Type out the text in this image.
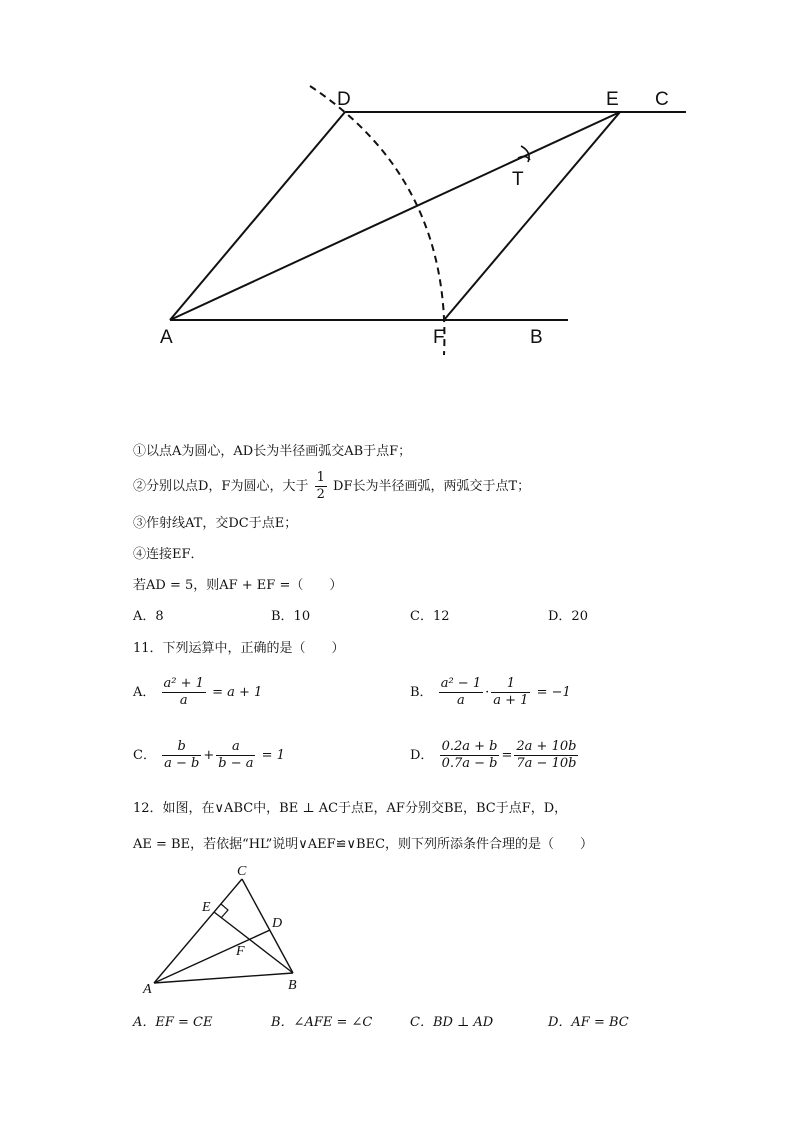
D	E C
T
A	F	B
①以点A为圆心，AD长为半径画弧交AB于点F；
②分别以点D，F为圆心，大于 $\frac{1}{2}$ DF长为半径画弧，两弧交于点T；
③作射线AT，交DC于点E；
④连接EF．
若AD = 5，则AF + EF =（　　）
A．8	B．10	C．12	D．20
11．下列运算中，正确的是（　　）
A． $\frac{\text{a² + 1}}{a} = a + 1$	B． $\frac{\text{a² − 1}}{a} \cdot \frac{1}{a + 1} = -1$
C． $\frac{b}{a - b} + \frac{a}{b - a} = 1$	D． $\frac{0.2a + b}{0.7a - b} = \frac{2a + 10b}{7a - 10b}$
12．如图，在∨ABC中，BE ⊥ AC于点E，AF分别交BE，BC于点F，D，
AE = BE，若依据“HL”说明∨AEF≌∨BEC，则下列所添条件合理的是（　　）
C
E
D
F
A	B
A．EF = CE	B．∠AFE = ∠C	C．BD ⊥ AD	D．AF = BC
